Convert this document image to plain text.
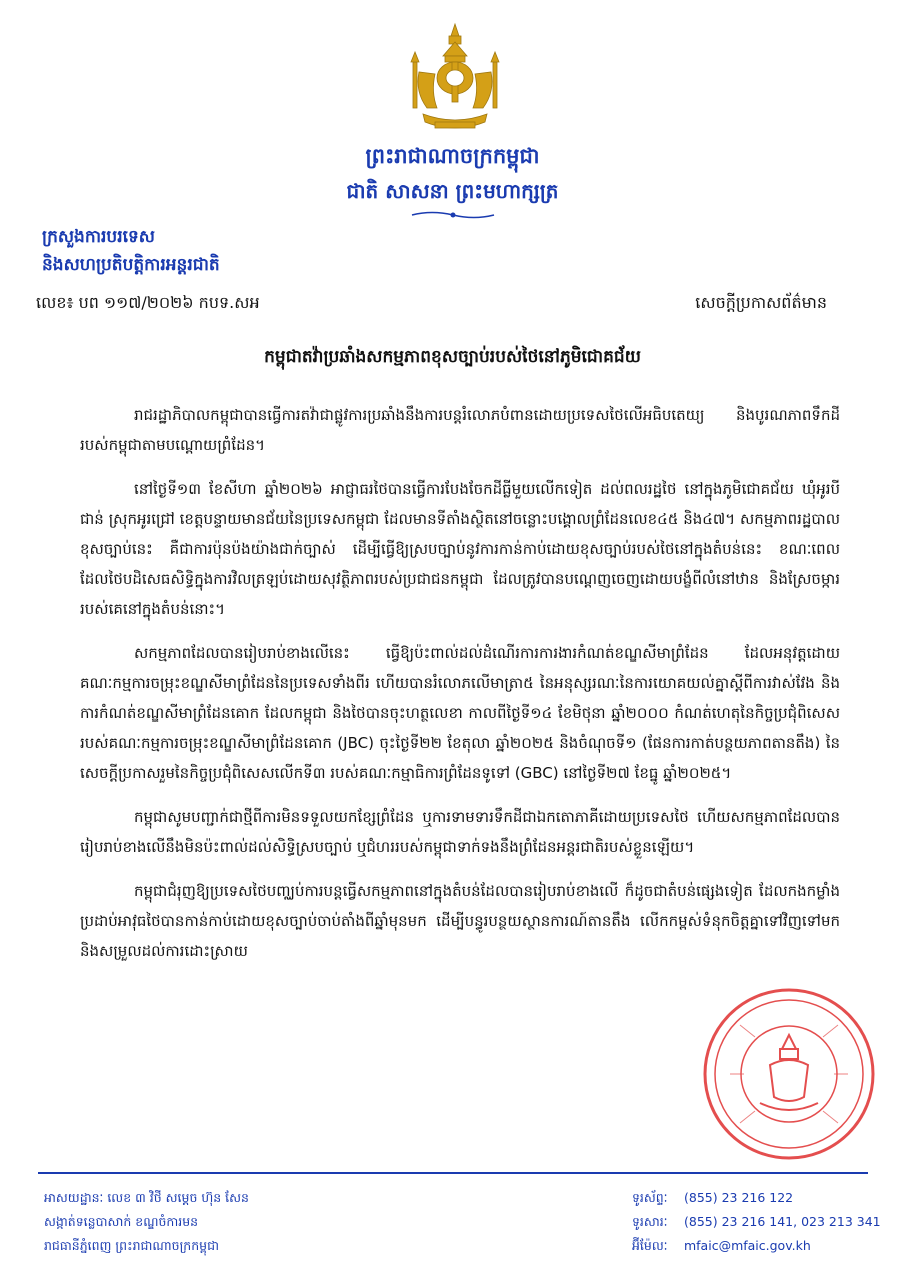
ព្រះរាជាណាចក្រកម្ពុជា
ជាតិ សាសនា ព្រះមហាក្សត្រ
ក្រសួងការបរទេស
និងសហប្រតិបត្តិការអន្តរជាតិ
លេខ៖ បព ១១៧/២០២៦ កបទ.សអ	សេចក្តីប្រកាសព័ត៌មាន
កម្ពុជាតវ៉ាប្រឆាំងសកម្មភាពខុសច្បាប់របស់ថៃនៅភូមិជោគជ័យ

រាជរដ្ឋាភិបាលកម្ពុជាបានធ្វើការតវ៉ាជាផ្លូវការប្រឆាំងនឹងការបន្តរំលោភបំពានដោយប្រទេសថៃលើអធិបតេយ្យ និងបូរណភាពទឹកដីរបស់កម្ពុជាតាមបណ្តោយព្រំដែន។

នៅថ្ងៃទី១៣ ខែសីហា ឆ្នាំ២០២៦ អាជ្ញាធរថៃបានធ្វើការបែងចែកដីធ្លីមួយលើកទៀត ដល់ពលរដ្ឋថៃ នៅក្នុងភូមិជោគជ័យ ឃុំអូរបីជាន់ ស្រុកអូរជ្រៅ ខេត្តបន្ទាយមានជ័យនៃប្រទេសកម្ពុជា ដែលមានទីតាំងស្ថិតនៅចន្លោះបង្គោលព្រំដែនលេខ៤៥ និង៤៧។ សកម្មភាពរដ្ឋបាលខុសច្បាប់នេះ គឺជាការប៉ុនប៉ងយ៉ាងជាក់ច្បាស់ ដើម្បីធ្វើឱ្យស្របច្បាប់នូវការកាន់កាប់ដោយខុសច្បាប់របស់ថៃនៅក្នុងតំបន់នេះ ខណៈពេលដែលថៃបដិសេធសិទ្ធិក្នុងការវិលត្រឡប់ដោយសុវត្ថិភាពរបស់ប្រជាជនកម្ពុជា ដែលត្រូវបានបណ្តេញចេញដោយបង្ខំពីលំនៅឋាន និងស្រែចម្ការរបស់គេនៅក្នុងតំបន់នោះ។

សកម្មភាពដែលបានរៀបរាប់ខាងលើនេះ ធ្វើឱ្យប៉ះពាល់ដល់ដំណើរការការងារកំណត់ខណ្ឌសីមាព្រំដែន ដែលអនុវត្តដោយគណៈកម្មការចម្រុះខណ្ឌសីមាព្រំដែននៃប្រទេសទាំងពីរ ហើយបានរំលោភលើមាត្រា៥ នៃអនុស្សរណៈនៃការយោគយល់គ្នាស្តីពីការវាស់វែង និងការកំណត់ខណ្ឌសីមាព្រំដែនគោក ដែលកម្ពុជា និងថៃបានចុះហត្ថលេខា កាលពីថ្ងៃទី១៤ ខែមិថុនា ឆ្នាំ២០០០ កំណត់ហេតុនៃកិច្ចប្រជុំពិសេសរបស់គណៈកម្មការចម្រុះខណ្ឌសីមាព្រំដែនគោក (JBC) ចុះថ្ងៃទី២២ ខែតុលា ឆ្នាំ២០២៥ និងចំណុចទី១ (ផែនការកាត់បន្ថយភាពតានតឹង) នៃសេចក្តីប្រកាសរួមនៃកិច្ចប្រជុំពិសេសលើកទី៣ របស់គណៈកម្មាធិការព្រំដែនទូទៅ (GBC) នៅថ្ងៃទី២៧ ខែធ្នូ ឆ្នាំ២០២៥។

កម្ពុជាសូមបញ្ជាក់ជាថ្មីពីការមិនទទួលយកខ្សែព្រំដែន ឬការទាមទារទឹកដីជាឯកតោភាគីដោយប្រទេសថៃ ហើយសកម្មភាពដែលបានរៀបរាប់ខាងលើនឹងមិនប៉ះពាល់ដល់សិទ្ធិស្របច្បាប់ ឬជំហររបស់កម្ពុជាទាក់ទងនឹងព្រំដែនអន្តរជាតិរបស់ខ្លួនឡើយ។

កម្ពុជាជំរុញឱ្យប្រទេសថៃបញ្ឈប់ការបន្តធ្វើសកម្មភាពនៅក្នុងតំបន់ដែលបានរៀបរាប់ខាងលើ ក៏ដូចជាតំបន់ផ្សេងទៀត ដែលកងកម្លាំងប្រដាប់អាវុធថៃបានកាន់កាប់ដោយខុសច្បាប់ចាប់តាំងពីឆ្នាំមុនមក ដើម្បីបន្ធូរបន្ថយស្ថានការណ៍តានតឹង លើកកម្ពស់ទំនុកចិត្តគ្នាទៅវិញទៅមក និងសម្រួលដល់ការដោះស្រាយ

អាសយដ្ឋានៈ លេខ ៣ វិថី សម្តេច ហ៊ុន សែន
សង្កាត់ទន្លេបាសាក់ ខណ្ឌចំការមន
រាជធានីភ្នំពេញ ព្រះរាជាណាចក្រកម្ពុជា
ទូរស័ព្ទៈ (855) 23 216 122
ទូរសារៈ (855) 23 216 141, 023 213 341
អ៊ីម៉ែលៈ mfaic@mfaic.gov.kh
